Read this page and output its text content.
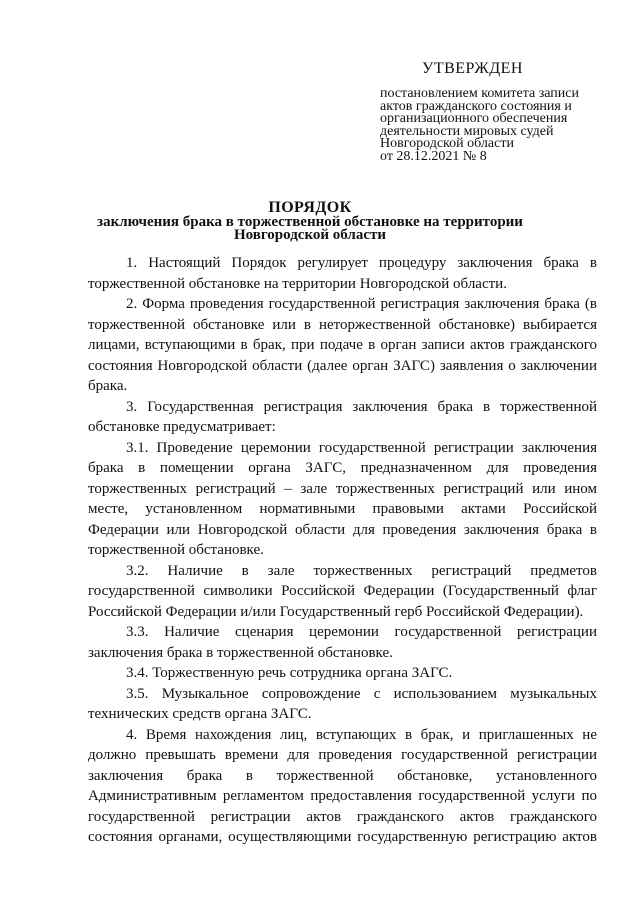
УТВЕРЖДЕН

постановлением комитета записи

актов гражданского состояния и

организационного обеспечения

деятельности мировых судей

Новгородской области

от 28.12.2021 № 8

ПОРЯДОК
заключения брака в торжественной обстановке на территории
Новгородской области

1. Настоящий Порядок регулирует процедуру заключения брака в торжественной обстановке на территории Новгородской области.

2. Форма проведения государственной регистрация заключения брака (в торжественной обстановке или в неторжественной обстановке) выбирается лицами, вступающими в брак, при подаче в орган записи актов гражданского состояния Новгородской области (далее орган ЗАГС) заявления о заключении брака.

3. Государственная регистрация заключения брака в торжественной обстановке предусматривает:

3.1. Проведение церемонии государственной регистрации заключения брака в помещении органа ЗАГС, предназначенном для проведения торжественных регистраций – зале торжественных регистраций или ином месте, установленном нормативными правовыми актами Российской Федерации или Новгородской области для проведения заключения брака в торжественной обстановке.

3.2. Наличие в зале торжественных регистраций предметов государственной символики Российской Федерации (Государственный флаг Российской Федерации и/или Государственный герб Российской Федерации).

3.3. Наличие сценария церемонии государственной регистрации заключения брака в торжественной обстановке.

3.4. Торжественную речь сотрудника органа ЗАГС.

3.5. Музыкальное сопровождение с использованием музыкальных технических средств органа ЗАГС.

4. Время нахождения лиц, вступающих в брак, и приглашенных не должно превышать времени для проведения государственной регистрации заключения брака в торжественной обстановке, установленного Административным регламентом предоставления государственной услуги по государственной регистрации актов гражданского актов гражданского состояния органами, осуществляющими государственную регистрацию актов
